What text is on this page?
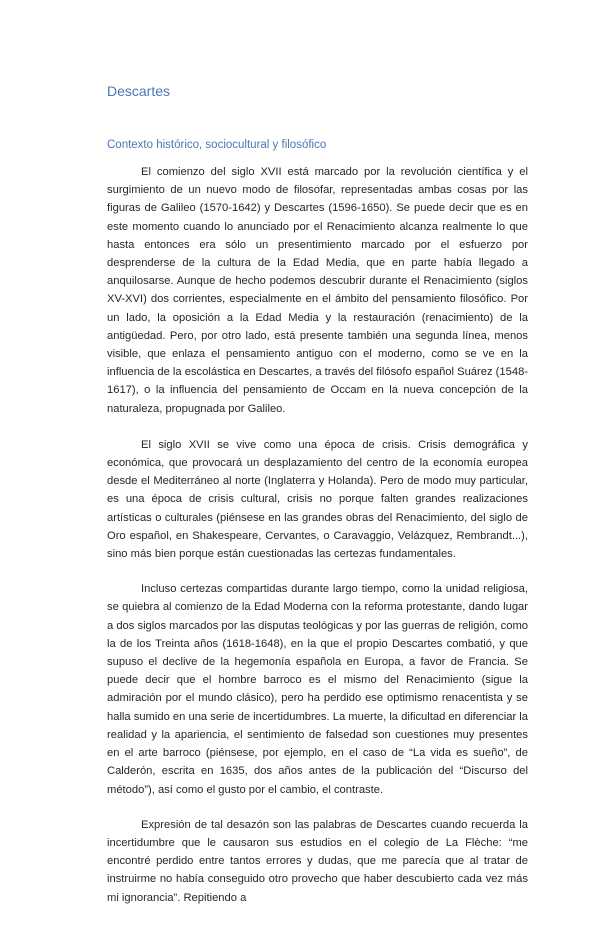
Descartes
Contexto histórico, sociocultural y filosófico

El comienzo del siglo XVII está marcado por la revolución científica y el surgimiento de un nuevo modo de filosofar, representadas ambas cosas por las figuras de Galileo (1570-1642) y Descartes (1596-1650). Se puede decir que es en este momento cuando lo anunciado por el Renacimiento alcanza realmente lo que hasta entonces era sólo un presentimiento marcado por el esfuerzo por desprenderse de la cultura de la Edad Media, que en parte había llegado a anquilosarse. Aunque de hecho podemos descubrir durante el Renacimiento (siglos XV-XVI) dos corrientes, especialmente en el ámbito del pensamiento filosófico. Por un lado, la oposición a la Edad Media y la restauración (renacimiento) de la antigüedad. Pero, por otro lado, está presente también una segunda línea, menos visible, que enlaza el pensamiento antiguo con el moderno, como se ve en la influencia de la escolástica en Descartes, a través del filósofo español Suárez (1548-1617), o la influencia del pensamiento de Occam en la nueva concepción de la naturaleza, propugnada por Galileo.

El siglo XVII se vive como una época de crisis. Crisis demográfica y económica, que provocará un desplazamiento del centro de la economía europea desde el Mediterráneo al norte (Inglaterra y Holanda). Pero de modo muy particular, es una época de crisis cultural, crisis no porque falten grandes realizaciones artísticas o culturales (piénsese en las grandes obras del Renacimiento, del siglo de Oro español, en Shakespeare, Cervantes, o Caravaggio, Velázquez, Rembrandt...), sino más bien porque están cuestionadas las certezas fundamentales.

Incluso certezas compartidas durante largo tiempo, como la unidad religiosa, se quiebra al comienzo de la Edad Moderna con la reforma protestante, dando lugar a dos siglos marcados por las disputas teológicas y por las guerras de religión, como la de los Treinta años (1618-1648), en la que el propio Descartes combatió, y que supuso el declive de la hegemonía española en Europa, a favor de Francia. Se puede decir que el hombre barroco es el mismo del Renacimiento (sigue la admiración por el mundo clásico), pero ha perdido ese optimismo renacentista y se halla sumido en una serie de incertidumbres. La muerte, la dificultad en diferenciar la realidad y la apariencia, el sentimiento de falsedad son cuestiones muy presentes en el arte barroco (piénsese, por ejemplo, en el caso de “La vida es sueño”, de Calderón, escrita en 1635, dos años antes de la publicación del “Discurso del método”), así como el gusto por el cambio, el contraste.

Expresión de tal desazón son las palabras de Descartes cuando recuerda la incertidumbre que le causaron sus estudios en el colegio de La Flèche: “me encontré perdido entre tantos errores y dudas, que me parecía que al tratar de instruirme no había conseguido otro provecho que haber descubierto cada vez más mi ignorancia”. Repitiendo a
